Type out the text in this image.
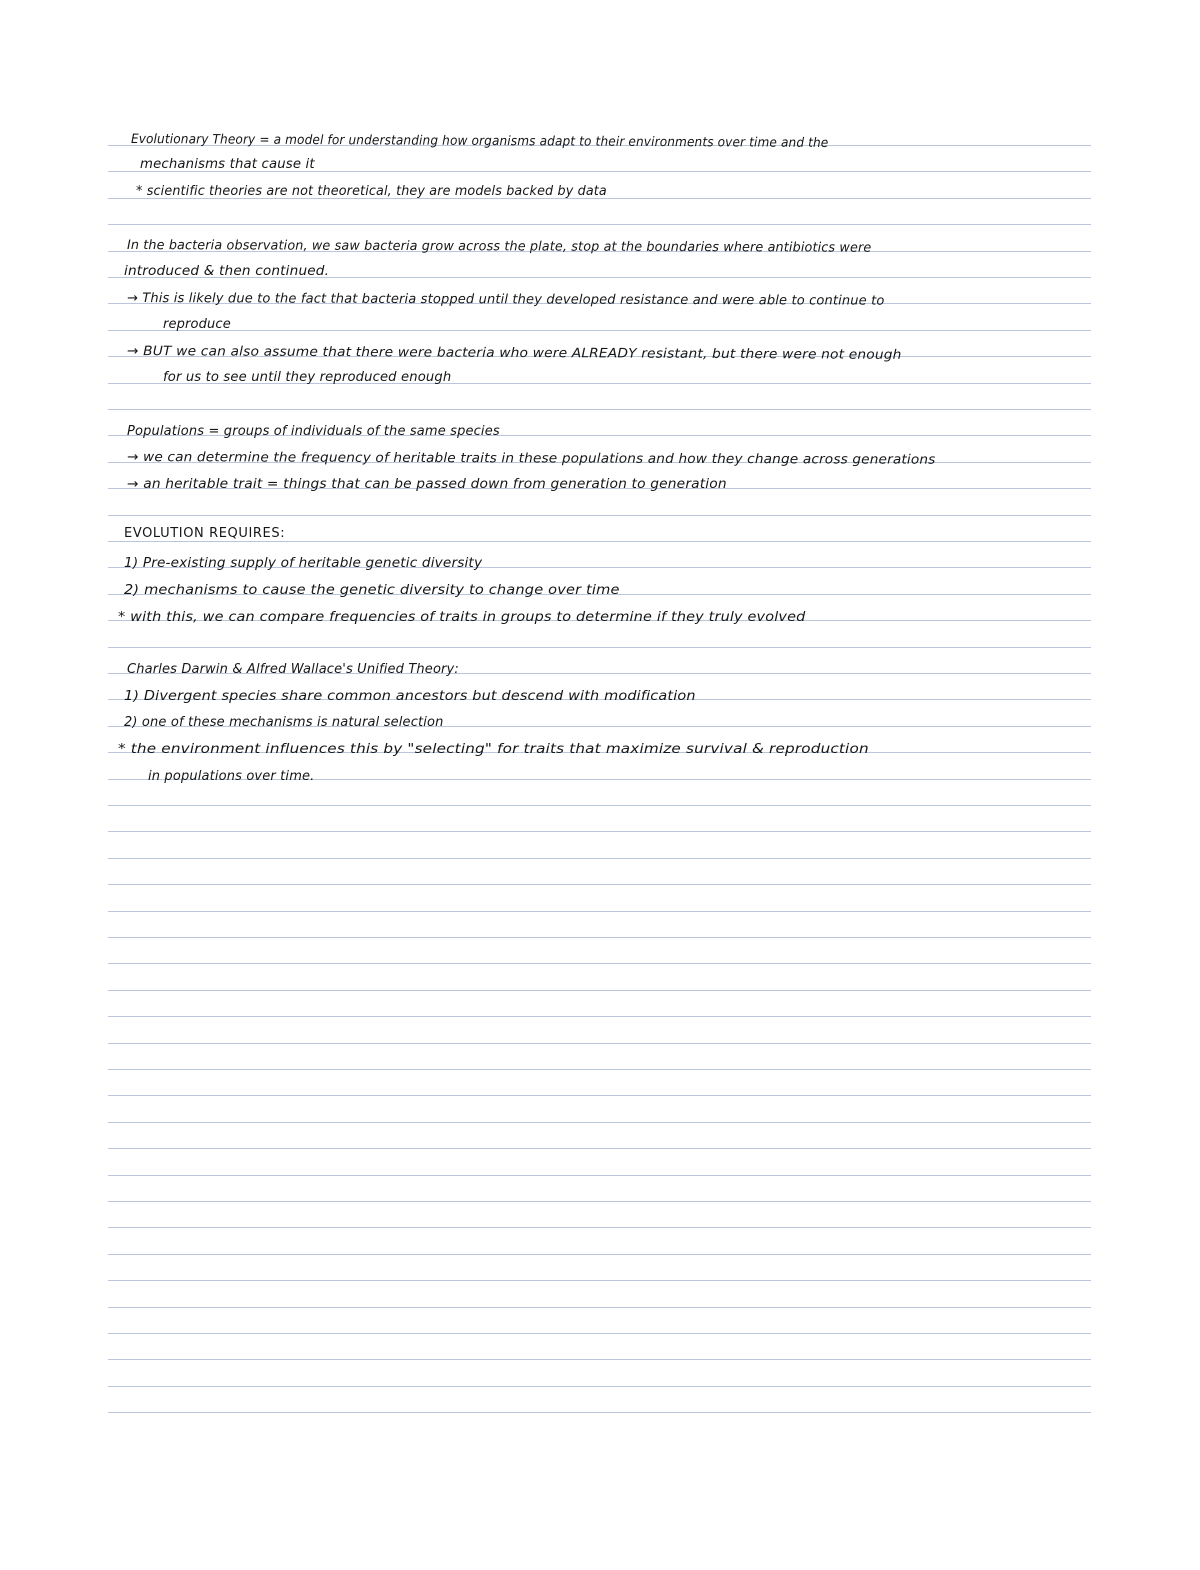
Evolutionary Theory = a model for understanding how organisms adapt to their environments over time and the
mechanisms that cause it
* scientific theories are not theoretical, they are models backed by data
In the bacteria observation, we saw bacteria grow across the plate, stop at the boundaries where antibiotics were
introduced & then continued.
→ This is likely due to the fact that bacteria stopped until they developed resistance and were able to continue to
reproduce
→ BUT we can also assume that there were bacteria who were ALREADY resistant, but there were not enough
for us to see until they reproduced enough
Populations = groups of individuals of the same species
→ we can determine the frequency of heritable traits in these populations and how they change across generations
→ an heritable trait = things that can be passed down from generation to generation
EVOLUTION REQUIRES:
1) Pre-existing supply of heritable genetic diversity
2) mechanisms to cause the genetic diversity to change over time
* with this, we can compare frequencies of traits in groups to determine if they truly evolved
Charles Darwin & Alfred Wallace's Unified Theory:
1) Divergent species share common ancestors but descend with modification
2) one of these mechanisms is natural selection
* the environment influences this by "selecting" for traits that maximize survival & reproduction
in populations over time.
